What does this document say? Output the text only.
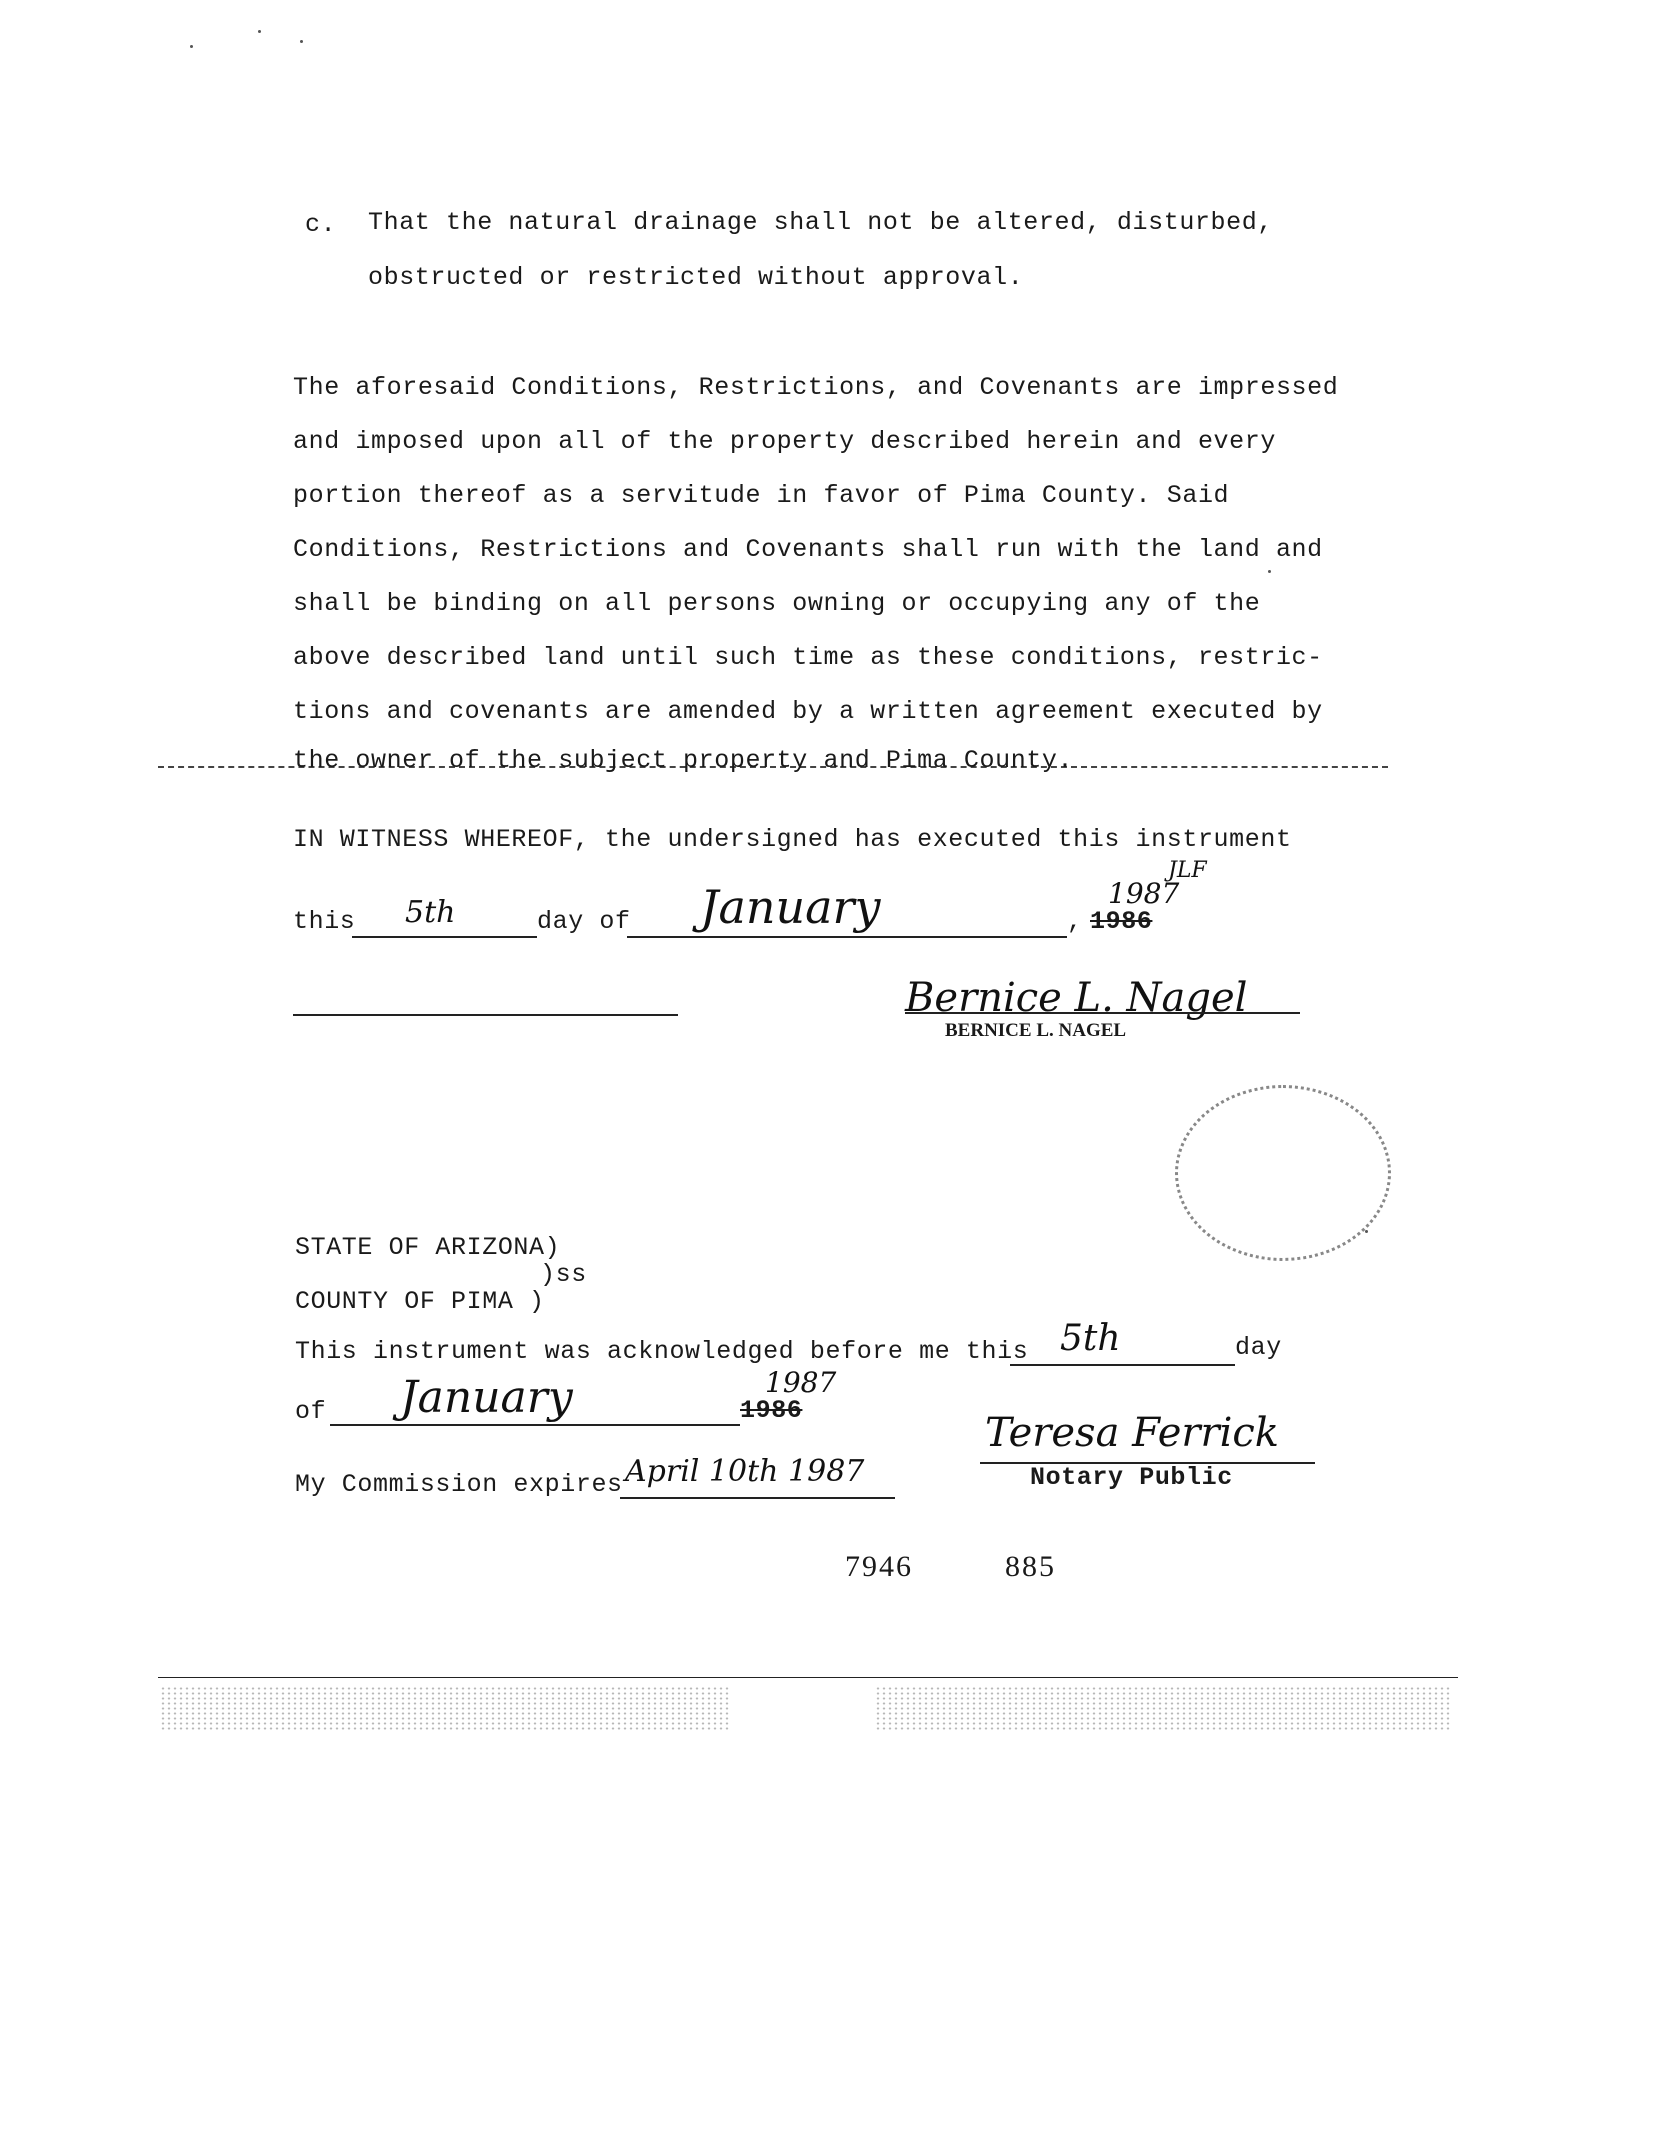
c. That the natural drainage shall not be altered, disturbed,
obstructed or restricted without approval.
The aforesaid Conditions, Restrictions, and Covenants are impressed
and imposed upon all of the property described herein and every
portion thereof as a servitude in favor of Pima County. Said
Conditions, Restrictions and Covenants shall run with the land and
shall be binding on all persons owning or occupying any of the
above described land until such time as these conditions, restric-
tions and covenants are amended by a written agreement executed by
the owner of the subject property and Pima County.
IN WITNESS WHEREOF, the undersigned has executed this instrument
this 5th	day of January	,
1987
1986
JLF
Bernice L. Nagel
BERNICE L. NAGEL
STATE OF ARIZONA)
)ss
COUNTY OF PIMA )
This instrument was acknowledged before me this 5th	day
of January	1987
1986
My Commission expires April 10th 1987
Teresa Ferrick
Notary Public
7946	885
